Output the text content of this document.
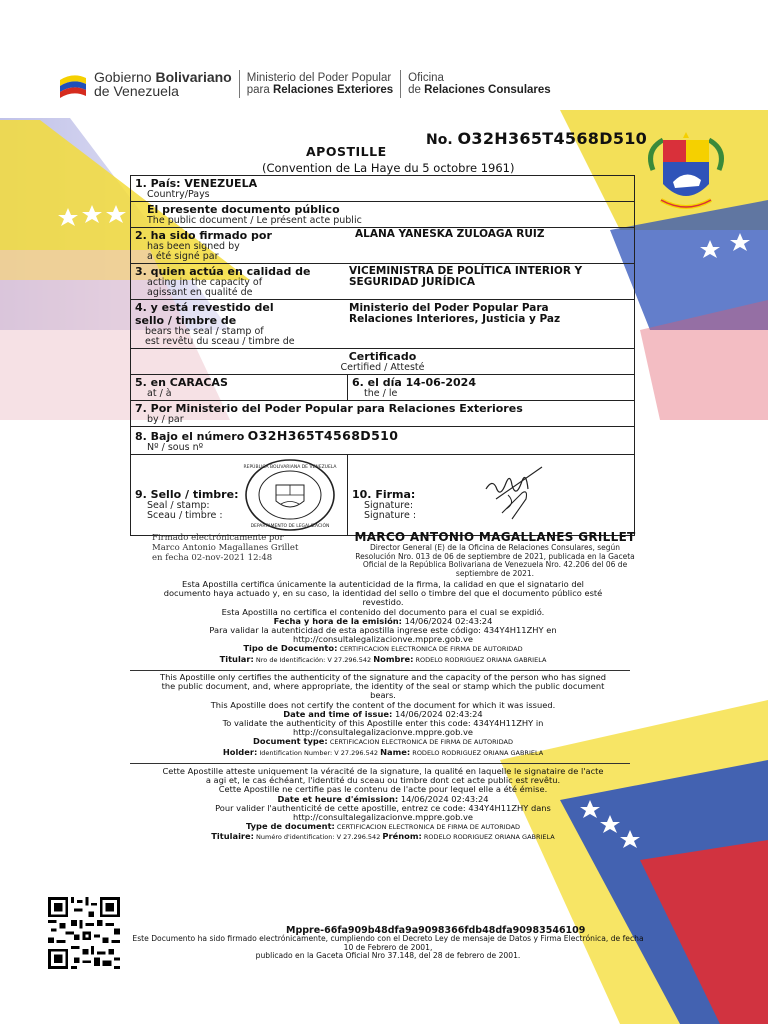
Gobierno Bolivariano
de Venezuela
Ministerio del Poder Popular
para Relaciones Exteriores
Oficina
de Relaciones Consulares
No. O32H365T4568D510
APOSTILLE
(Convention de La Haye du 5 octobre 1961)
1. País: VENEZUELA
Country/Pays
El presente documento público
The public document / Le présent acte public
2. ha sido firmado por
has been signed by
a été signé par
ALANA YANESKA ZULOAGA RUIZ
3. quien actúa en calidad de
acting in the capacity of
agissant en qualité de
VICEMINISTRA DE POLÍTICA INTERIOR Y
SEGURIDAD JURÍDICA
4. y está revestido del
sello / timbre de
bears the seal / stamp of
est revêtu du sceau / timbre de
Ministerio del Poder Popular Para
Relaciones Interiores, Justicia y Paz
Certificado
Certified / Attesté
5. en CARACAS
at / à
6. el día 14-06-2024
the / le
7. Por Ministerio del Poder Popular para Relaciones Exteriores
by / par
8. Bajo el número O32H365T4568D510
Nº / sous nº
9. Sello / timbre:
Seal / stamp:
Sceau / timbre :
REPÚBLICA BOLIVARIANA DE VENEZUELA
DEPARTAMENTO DE LEGALIZACIÓN
10. Firma:
Signature:
Signature :
Firmado electrónicamente por
Marco Antonio Magallanes Grillet
en fecha 02-nov-2021 12:48
MARCO ANTONIO MAGALLANES GRILLET
Director General (E) de la Oficina de Relaciones Consulares, según
Resolución Nro. 013 de 06 de septiembre de 2021, publicada en la Gaceta
Oficial de la República Bolivariana de Venezuela Nro. 42.206 del 06 de
septiembre de 2021.
Esta Apostilla certifica únicamente la autenticidad de la firma, la calidad en que el signatario del
documento haya actuado y, en su caso, la identidad del sello o timbre del que el documento público esté
revestido.
Esta Apostilla no certifica el contenido del documento para el cual se expidió.
Fecha y hora de la emisión: 14/06/2024 02:43:24
Para validar la autenticidad de esta apostilla ingrese este código: 434Y4H11ZHY en
http://consultalegalizacionve.mppre.gob.ve
Tipo de Documento: CERTIFICACION ELECTRONICA DE FIRMA DE AUTORIDAD
Titular: Nro de Identificación: V 27.296.542 Nombre: RODELO RODRIGUEZ ORIANA GABRIELA
This Apostille only certifies the authenticity of the signature and the capacity of the person who has signed
the public document, and, where appropriate, the identity of the seal or stamp which the public document
bears.
This Apostille does not certify the content of the document for which it was issued.
Date and time of issue: 14/06/2024 02:43:24
To validate the authenticity of this Apostille enter this code: 434Y4H11ZHY in
http://consultalegalizacionve.mppre.gob.ve
Document type: CERTIFICACION ELECTRONICA DE FIRMA DE AUTORIDAD
Holder: Identification Number: V 27.296.542 Name: RODELO RODRIGUEZ ORIANA GABRIELA
Cette Apostille atteste uniquement la véracité de la signature, la qualité en laquelle le signataire de l'acte
a agi et, le cas échéant, l'identité du sceau ou timbre dont cet acte public est revêtu.
Cette Apostille ne certifie pas le contenu de l'acte pour lequel elle a été émise.
Date et heure d'émission: 14/06/2024 02:43:24
Pour valider l'authenticité de cette apostille, entrez ce code: 434Y4H11ZHY dans
http://consultalegalizacionve.mppre.gob.ve
Type de document: CERTIFICACION ELECTRONICA DE FIRMA DE AUTORIDAD
Titulaire: Numéro d'identification: V 27.296.542 Prénom: RODELO RODRIGUEZ ORIANA GABRIELA
Mppre-66fa909b48dfa9a9098366fdb48dfa90983546109
Este Documento ha sido firmado electrónicamente, cumpliendo con el Decreto Ley de mensaje de Datos y Firma Electrónica, de fecha 10 de Febrero de 2001,
publicado en la Gaceta Oficial Nro 37.148, del 28 de febrero de 2001.
